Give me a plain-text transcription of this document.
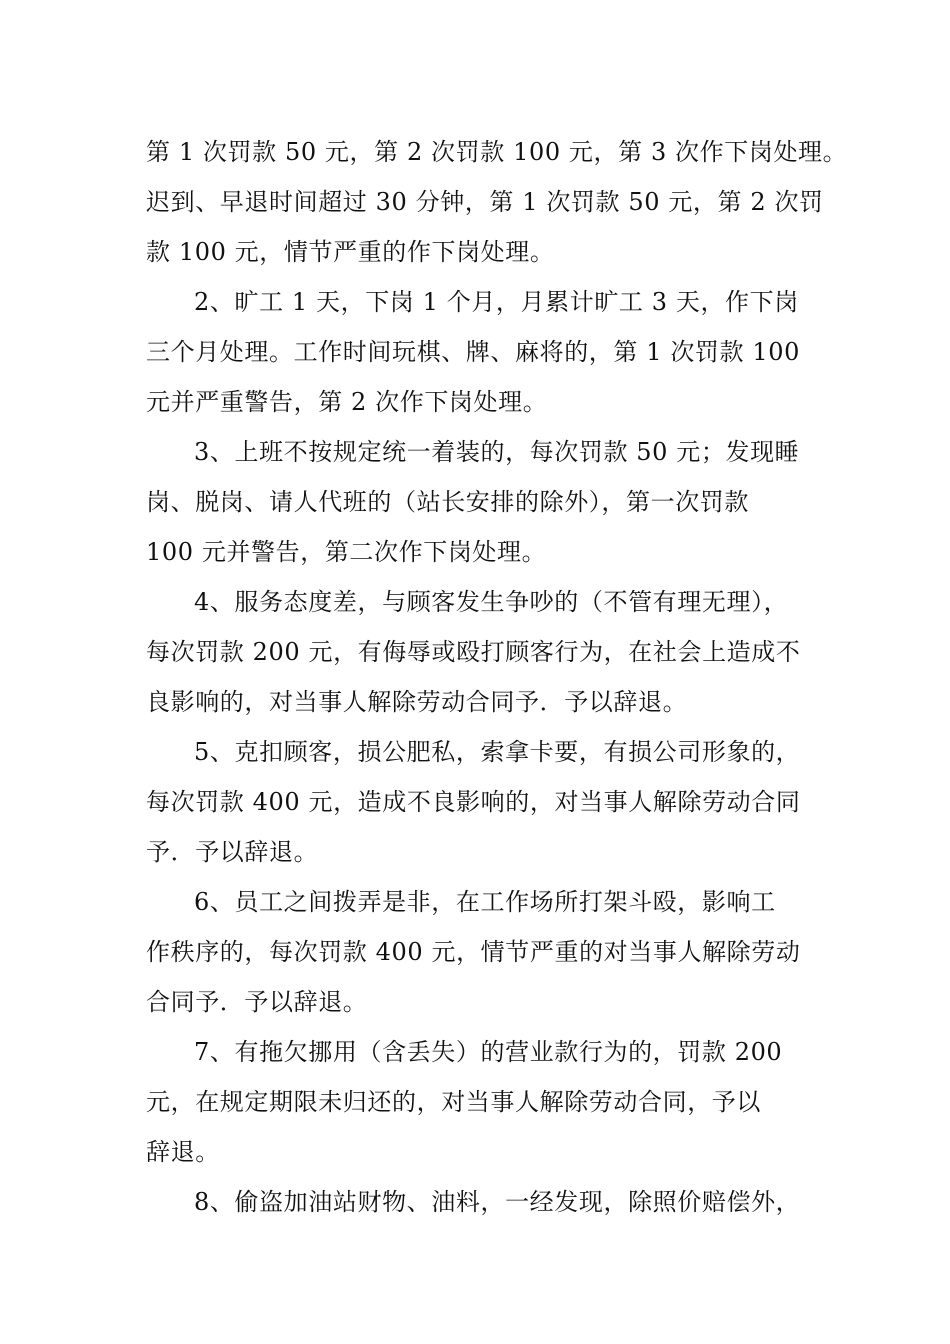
第 1 次罚款 50 元，第 2 次罚款 100 元，第 3 次作下岗处理。
迟到、早退时间超过 30 分钟，第 1 次罚款 50 元，第 2 次罚
款 100 元，情节严重的作下岗处理。
2、旷工 1 天，下岗 1 个月，月累计旷工 3 天，作下岗
三个月处理。工作时间玩棋、牌、麻将的，第 1 次罚款 100
元并严重警告，第 2 次作下岗处理。
3、上班不按规定统一着装的，每次罚款 50 元；发现睡
岗、脱岗、请人代班的（站长安排的除外），第一次罚款
100 元并警告，第二次作下岗处理。
4、服务态度差，与顾客发生争吵的（不管有理无理），
每次罚款 200 元，有侮辱或殴打顾客行为，在社会上造成不
良影响的，对当事人解除劳动合同予．予以辞退。
5、克扣顾客，损公肥私，索拿卡要，有损公司形象的，
每次罚款 400 元，造成不良影响的，对当事人解除劳动合同
予．予以辞退。
6、员工之间拨弄是非，在工作场所打架斗殴，影响工
作秩序的，每次罚款 400 元，情节严重的对当事人解除劳动
合同予．予以辞退。
7、有拖欠挪用（含丢失）的营业款行为的，罚款 200
元，在规定期限未归还的，对当事人解除劳动合同，予以
辞退。
8、偷盗加油站财物、油料，一经发现，除照价赔偿外，
